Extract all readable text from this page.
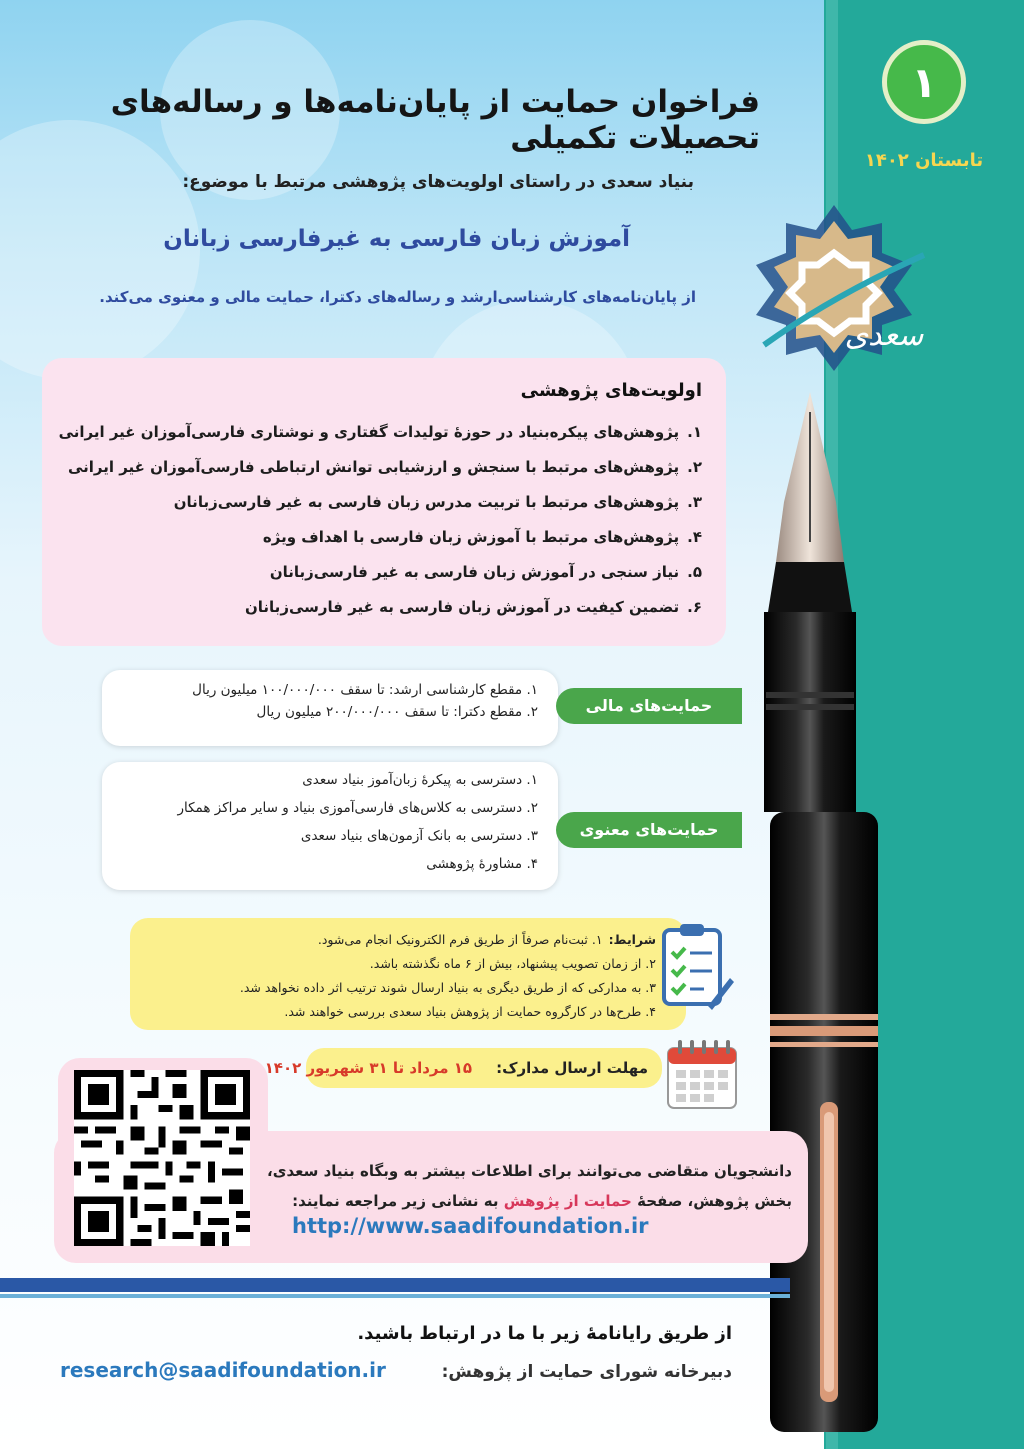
۱
تابستان ۱۴۰۲
سعدی
فراخوان حمایت از پایان‌نامه‌ها و رساله‌های تحصیلات تکمیلی
بنیاد سعدی در راستای اولویت‌های پژوهشی مرتبط با موضوع:
آموزش زبان فارسی به غیرفارسی زبانان
از پایان‌نامه‌های کارشناسی‌ارشد و رساله‌های دکترا، حمایت مالی و معنوی می‌کند.
اولویت‌های پژوهشی
۱.پژوهش‌های پیکره‌بنیاد در حوزهٔ تولیدات گفتاری و نوشتاری فارسی‌آموزان غیر ایرانی
۲.پژوهش‌های مرتبط با سنجش و ارزشیابی توانش ارتباطی فارسی‌آموزان غیر ایرانی
۳.پژوهش‌های مرتبط با تربیت مدرس زبان فارسی به غیر فارسی‌زبانان
۴.پژوهش‌های مرتبط با آموزش زبان فارسی با اهداف ویژه
۵.نیاز سنجی در آموزش زبان فارسی به غیر فارسی‌زبانان
۶.تضمین کیفیت در آموزش زبان فارسی به غیر فارسی‌زبانان
۱. مقطع کارشناسی ارشد: تا سقف ۱۰۰/۰۰۰/۰۰۰ میلیون ریال
۲. مقطع دکترا: تا سقف ۲۰۰/۰۰۰/۰۰۰ میلیون ریال	حمایت‌های مالی
۱. دسترسی به پیکرهٔ زبان‌آموز بنیاد سعدی
۲. دسترسی به کلاس‌های فارسی‌آموزی بنیاد و سایر مراکز همکار
۳. دسترسی به بانک آزمون‌های بنیاد سعدی
۴. مشاورهٔ پژوهشی
حمایت‌های معنوی
شرایط:۱. ثبت‌نام صرفاً از طریق فرم الکترونیک انجام می‌شود.
۲. از زمان تصویب پیشنهاد، بیش از ۶ ماه نگذشته باشد.
۳. به مدارکی که از طریق دیگری به بنیاد ارسال شوند ترتیب اثر داده نخواهد شد.
۴. طرح‌ها در کارگروه حمایت از پژوهش بنیاد سعدی بررسی خواهند شد.
مهلت ارسال مدارک:۱۵ مرداد تا ۳۱ شهریور ۱۴۰۲
دانشجویان متقاضی می‌توانند برای اطلاعات بیشتر به وبگاه بنیاد سعدی،
بخش پژوهش، صفحهٔ حمایت از پژوهش به نشانی زیر مراجعه نمایند:
http://www.saadifoundation.ir
از طریق رایانامهٔ زیر با ما در ارتباط باشید.
دبیرخانه شورای حمایت از پژوهش:
research@saadifoundation.ir
